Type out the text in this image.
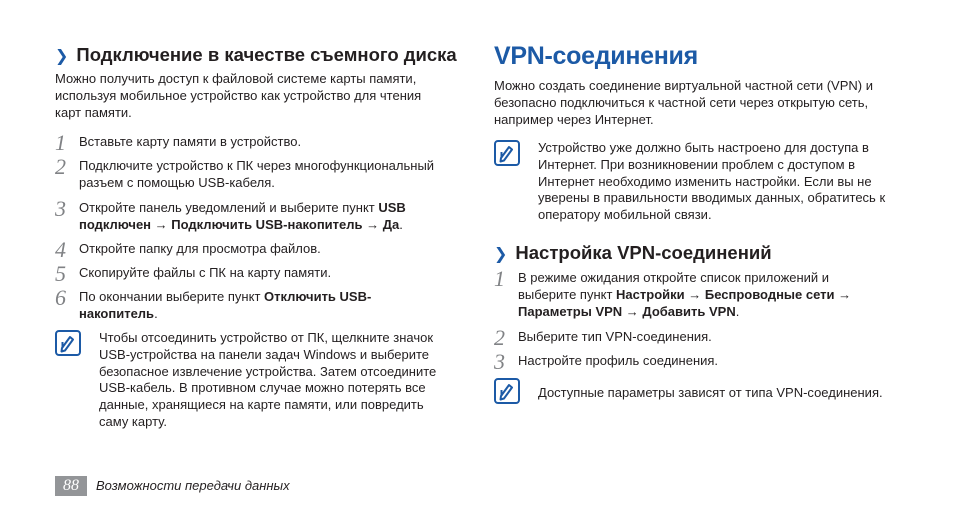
❯ Подключение в качестве съемного диска

Можно получить доступ к файловой системе карты памяти, используя мобильное устройство как устройство для чтения карт памяти.

1 Вставьте карту памяти в устройство.

2 Подключите устройство к ПК через многофункциональный разъем с помощью USB-кабеля.

3 Откройте панель уведомлений и выберите пункт USB подключен → Подключить USB-накопитель → Да.

4 Откройте папку для просмотра файлов.

5 Скопируйте файлы с ПК на карту памяти.

6 По окончании выберите пункт Отключить USB-накопитель.

Чтобы отсоединить устройство от ПК, щелкните значок USB-устройства на панели задач Windows и выберите безопасное извлечение устройства. Затем отсоедините USB-кабель. В противном случае можно потерять все данные, хранящиеся на карте памяти, или повредить саму карту.

VPN-соединения

Можно создать соединение виртуальной частной сети (VPN) и безопасно подключиться к частной сети через открытую сеть, например через Интернет.

Устройство уже должно быть настроено для доступа в Интернет. При возникновении проблем с доступом в Интернет необходимо изменить настройки. Если вы не уверены в правильности вводимых данных, обратитесь к оператору мобильной связи.

❯ Настройка VPN-соединений
1 В режиме ожидания откройте список приложений и выберите пункт Настройки → Беспроводные сети → Параметры VPN → Добавить VPN.

2 Выберите тип VPN-соединения.

3 Настройте профиль соединения.

Доступные параметры зависят от типа VPN-соединения.

88	Возможности передачи данных
